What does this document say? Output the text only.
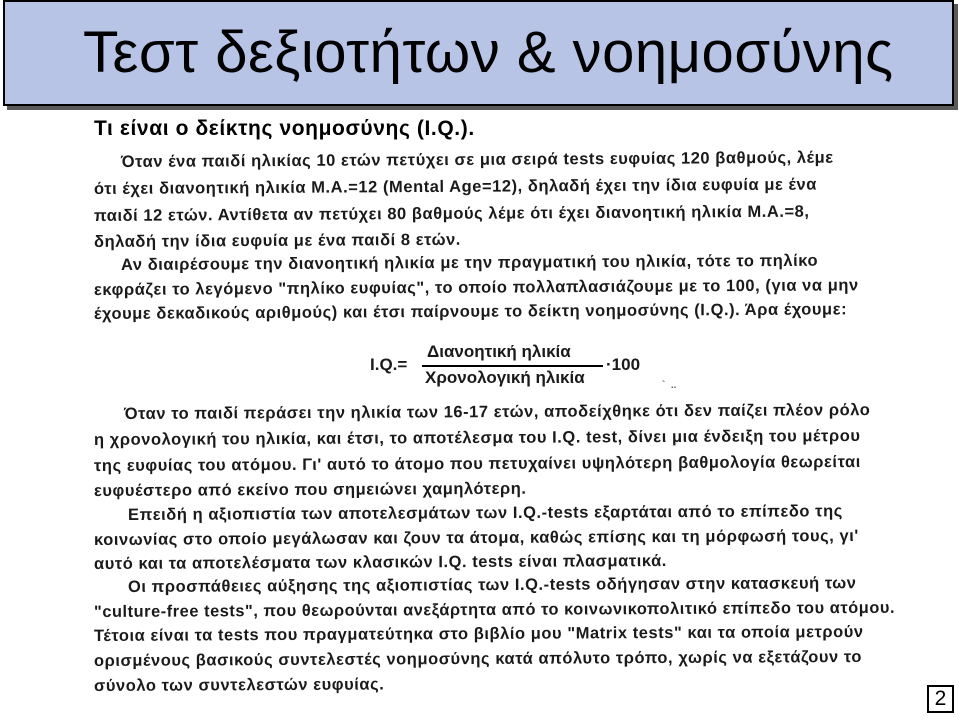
Τεστ δεξιοτήτων & νοημοσύνης
Τι είναι ο δείκτης νοημοσύνης (I.Q.).
Όταν ένα παιδί ηλικίας 10 ετών πετύχει σε μια σειρά tests ευφυίας 120 βαθμούς, λέμε
ότι έχει διανοητική ηλικία M.A.=12 (Mental Age=12), δηλαδή έχει την ίδια ευφυία με ένα
παιδί 12 ετών. Αντίθετα αν πετύχει 80 βαθμούς λέμε ότι έχει διανοητική ηλικία M.A.=8,
δηλαδή την ίδια ευφυία με ένα παιδί 8 ετών.
Αν διαιρέσουμε την διανοητική ηλικία με την πραγματική του ηλικία, τότε το πηλίκο
εκφράζει το λεγόμενο "πηλίκο ευφυίας", το οποίο πολλαπλασιάζουμε με το 100, (για να μην
έχουμε δεκαδικούς αριθμούς) και έτσι παίρνουμε το δείκτη νοημοσύνης (I.Q.). Άρα έχουμε:
I.Q.=
Διανοητική ηλικία
Χρονολογική ηλικία
·100
`  ..
Όταν το παιδί περάσει την ηλικία των 16-17 ετών, αποδείχθηκε ότι δεν παίζει πλέον ρόλο
η χρονολογική του ηλικία, και έτσι, το αποτέλεσμα του I.Q. test, δίνει μια ένδειξη του μέτρου
της ευφυίας του ατόμου. Γι' αυτό το άτομο που πετυχαίνει υψηλότερη βαθμολογία θεωρείται
ευφυέστερο από εκείνο που σημειώνει χαμηλότερη.
Επειδή η αξιοπιστία των αποτελεσμάτων των I.Q.-tests εξαρτάται από το επίπεδο της
κοινωνίας στο οποίο μεγάλωσαν και ζουν τα άτομα, καθώς επίσης και τη μόρφωσή τους, γι'
αυτό και τα αποτελέσματα των κλασικών I.Q. tests είναι πλασματικά.
Οι προσπάθειες αύξησης της αξιοπιστίας των I.Q.-tests οδήγησαν στην κατασκευή των
"culture-free tests", που θεωρούνται ανεξάρτητα από το κοινωνικοπολιτικό επίπεδο του ατόμου.
Τέτοια είναι τα tests που πραγματεύτηκα στο βιβλίο μου "Matrix tests" και τα οποία μετρούν
ορισμένους βασικούς συντελεστές νοημοσύνης κατά απόλυτο τρόπο, χωρίς να εξετάζουν το
σύνολο των συντελεστών ευφυίας.
2
